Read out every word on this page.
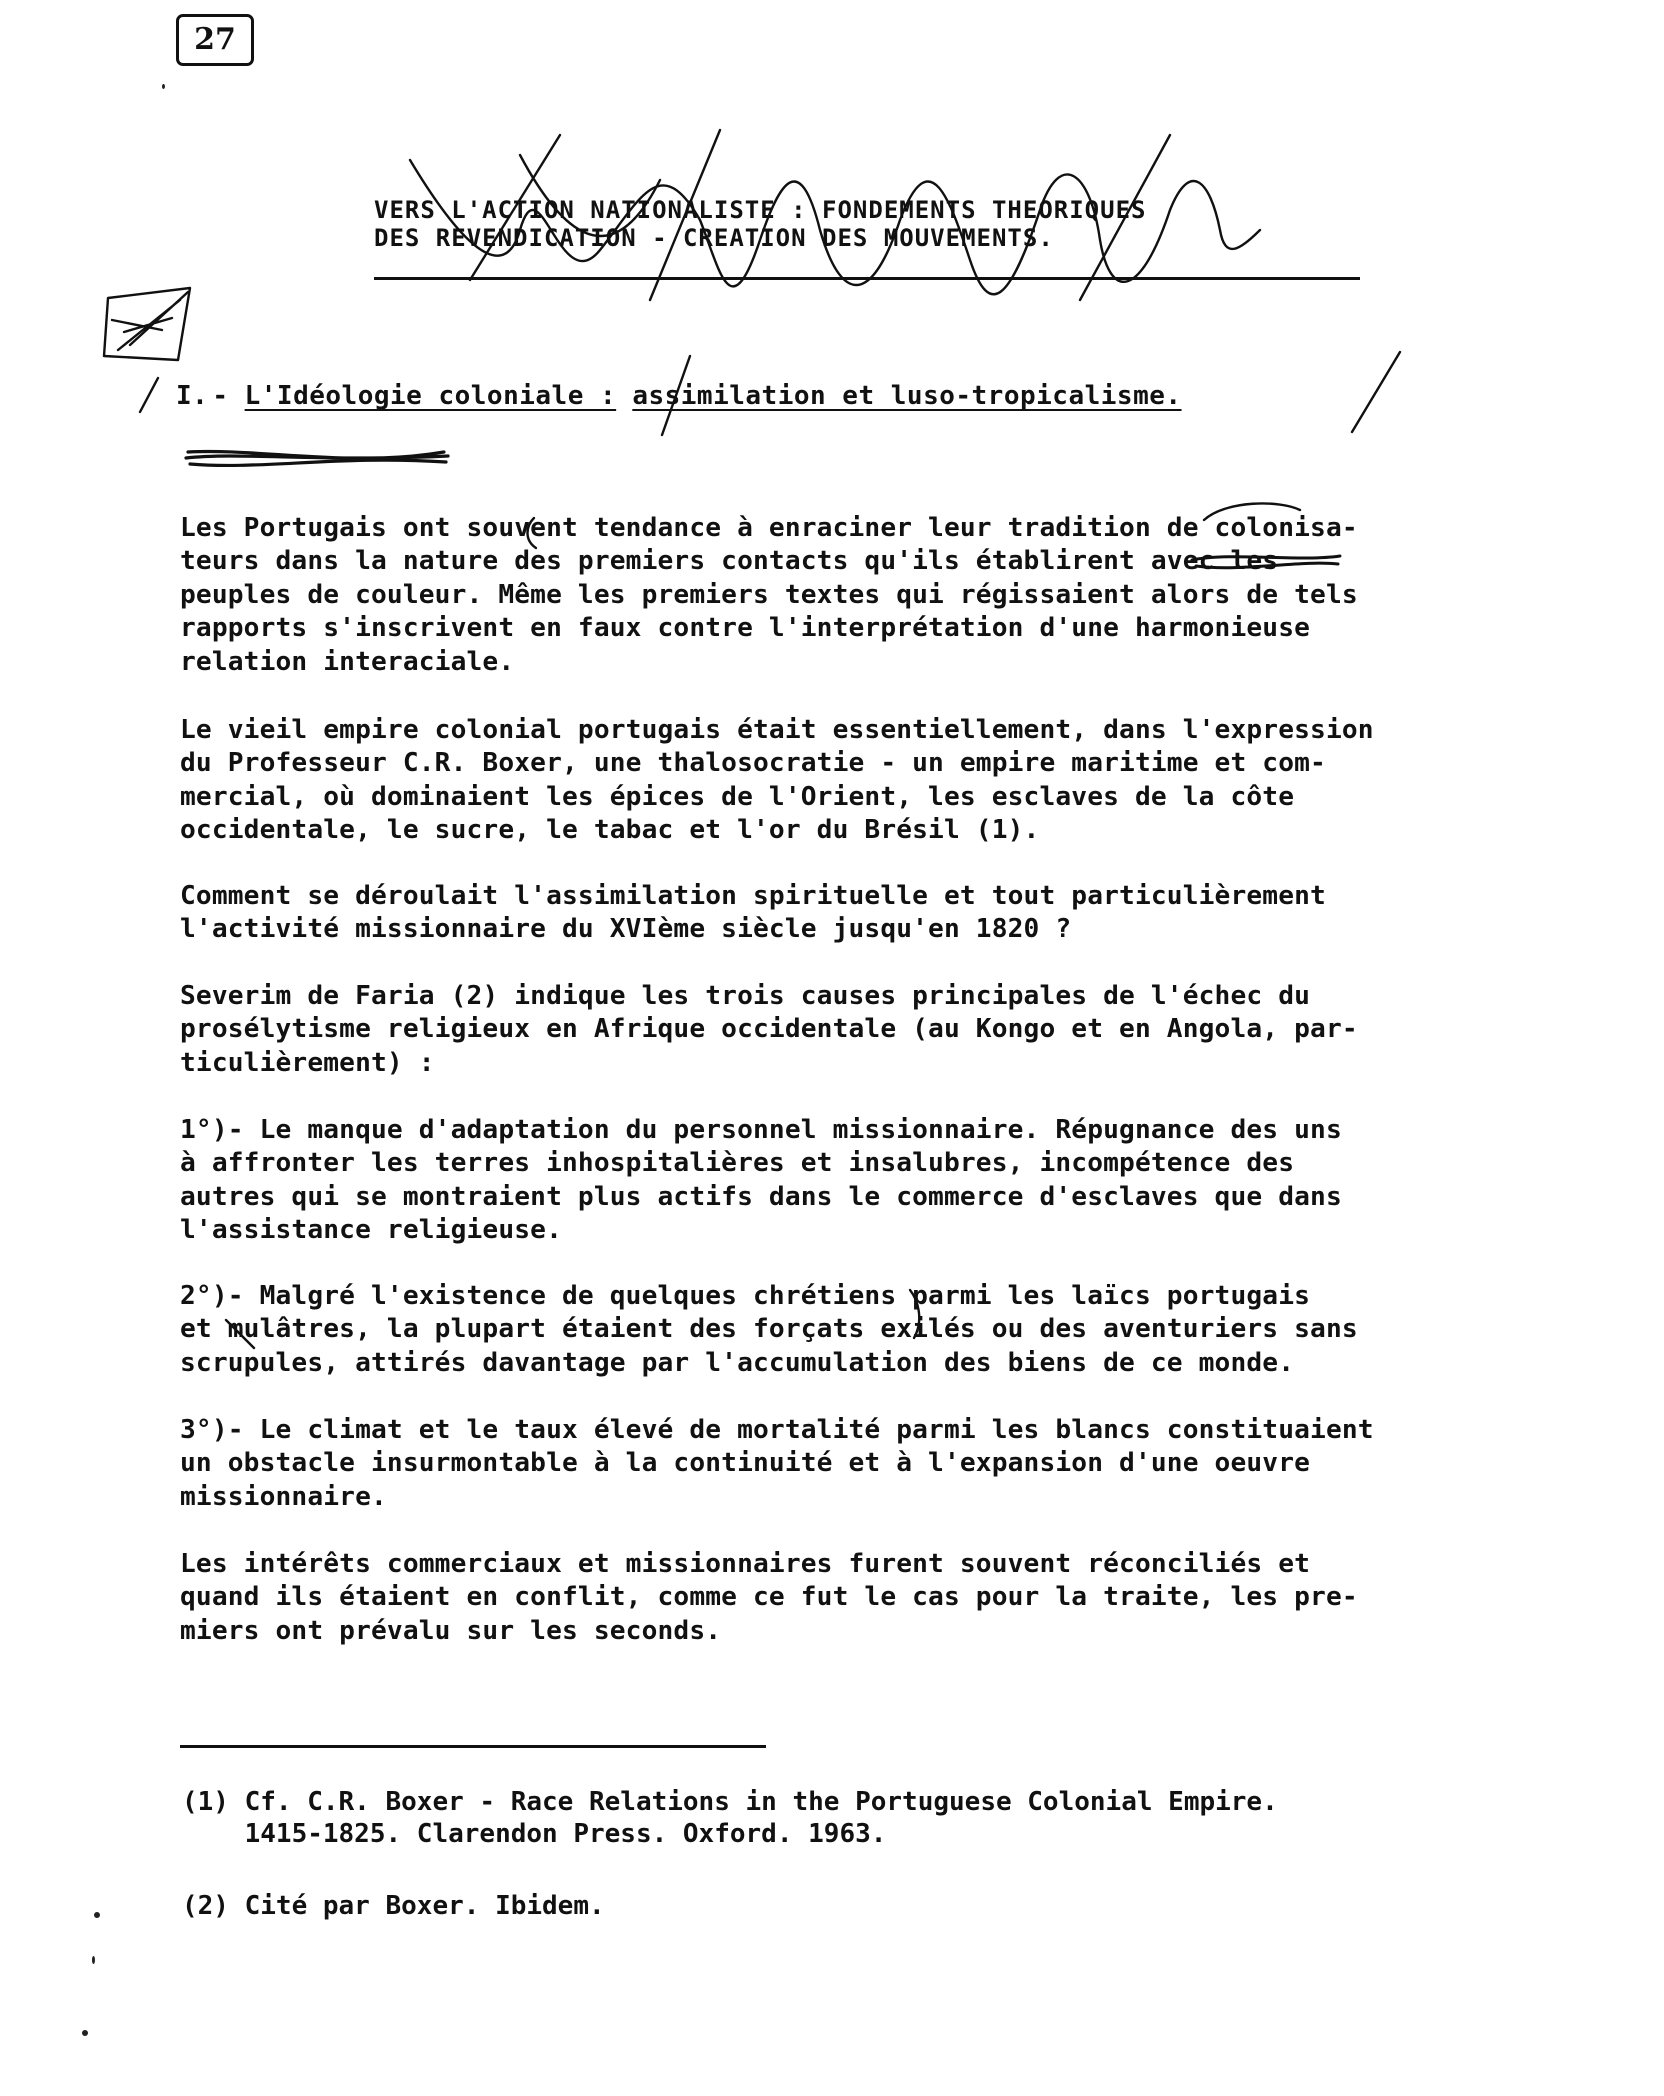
27
VERS L'ACTION NATIONALISTE : FONDEMENTS THEORIQUES
DES REVENDICATION - CREATION DES MOUVEMENTS.
I. - L'Idéologie coloniale : assimilation et luso-tropicalisme.
Les Portugais ont souvent tendance à enraciner leur tradition de colonisa-
teurs dans la nature des premiers contacts qu'ils établirent avec les
peuples de couleur. Même les premiers textes qui régissaient alors de tels
rapports s'inscrivent en faux contre l'interprétation d'une harmonieuse
relation interaciale.
Le vieil empire colonial portugais était essentiellement, dans l'expression
du Professeur C.R. Boxer, une thalosocratie - un empire maritime et com-
mercial, où dominaient les épices de l'Orient, les esclaves de la côte
occidentale, le sucre, le tabac et l'or du Brésil (1).
Comment se déroulait l'assimilation spirituelle et tout particulièrement
l'activité missionnaire du XVIème siècle jusqu'en 1820 ?
Severim de Faria (2) indique les trois causes principales de l'échec du
prosélytisme religieux en Afrique occidentale (au Kongo et en Angola, par-
ticulièrement) :
1°)- Le manque d'adaptation du personnel missionnaire. Répugnance des uns
à affronter les terres inhospitalières et insalubres, incompétence des
autres qui se montraient plus actifs dans le commerce d'esclaves que dans
l'assistance religieuse.
2°)- Malgré l'existence de quelques chrétiens parmi les laïcs portugais
et mulâtres, la plupart étaient des forçats exilés ou des aventuriers sans
scrupules, attirés davantage par l'accumulation des biens de ce monde.
3°)- Le climat et le taux élevé de mortalité parmi les blancs constituaient
un obstacle insurmontable à la continuité et à l'expansion d'une oeuvre
missionnaire.
Les intérêts commerciaux et missionnaires furent souvent réconciliés et
quand ils étaient en conflit, comme ce fut le cas pour la traite, les pre-
miers ont prévalu sur les seconds.
(1) Cf. C.R. Boxer - Race Relations in the Portuguese Colonial Empire.
1415-1825. Clarendon Press. Oxford. 1963.
(2) Cité par Boxer. Ibidem.
